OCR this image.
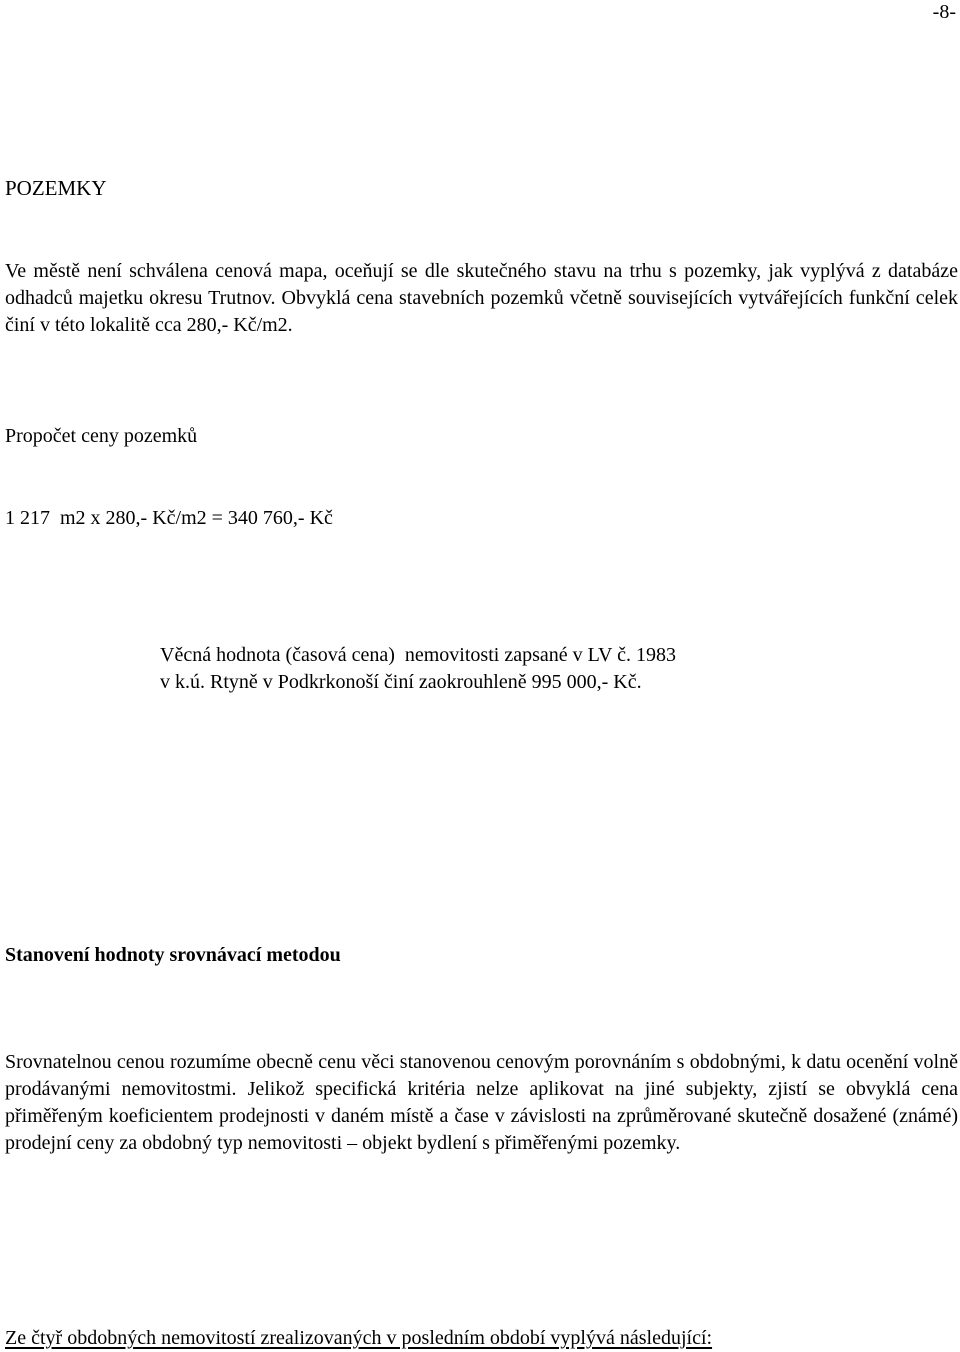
-8-
POZEMKY
Ve městě není schválena cenová mapa, oceňují se dle skutečného stavu na trhu s pozemky, jak vyplývá z databáze odhadců majetku okresu Trutnov. Obvyklá cena stavebních pozemků včetně souvisejících vytvářejících funkční celek činí v této lokalitě cca 280,- Kč/m2.
Propočet ceny pozemků
1 217  m2 x 280,- Kč/m2 = 340 760,- Kč
Věcná hodnota (časová cena)  nemovitosti zapsané v LV č. 1983
v k.ú. Rtyně v Podkrkonoší činí zaokrouhleně 995 000,- Kč.
Stanovení hodnoty srovnávací metodou
Srovnatelnou cenou rozumíme obecně cenu věci stanovenou cenovým porovnáním s obdobnými, k datu ocenění volně prodávanými nemovitostmi. Jelikož specifická kritéria nelze aplikovat na jiné subjekty, zjistí se obvyklá cena přiměřeným koeficientem prodejnosti v daném místě a čase v závislosti na zprůměrované skutečně dosažené (známé) prodejní ceny za obdobný typ nemovitosti – objekt bydlení s přiměřenými pozemky.
Ze čtyř obdobných nemovitostí zrealizovaných v posledním období vyplývá následující:
